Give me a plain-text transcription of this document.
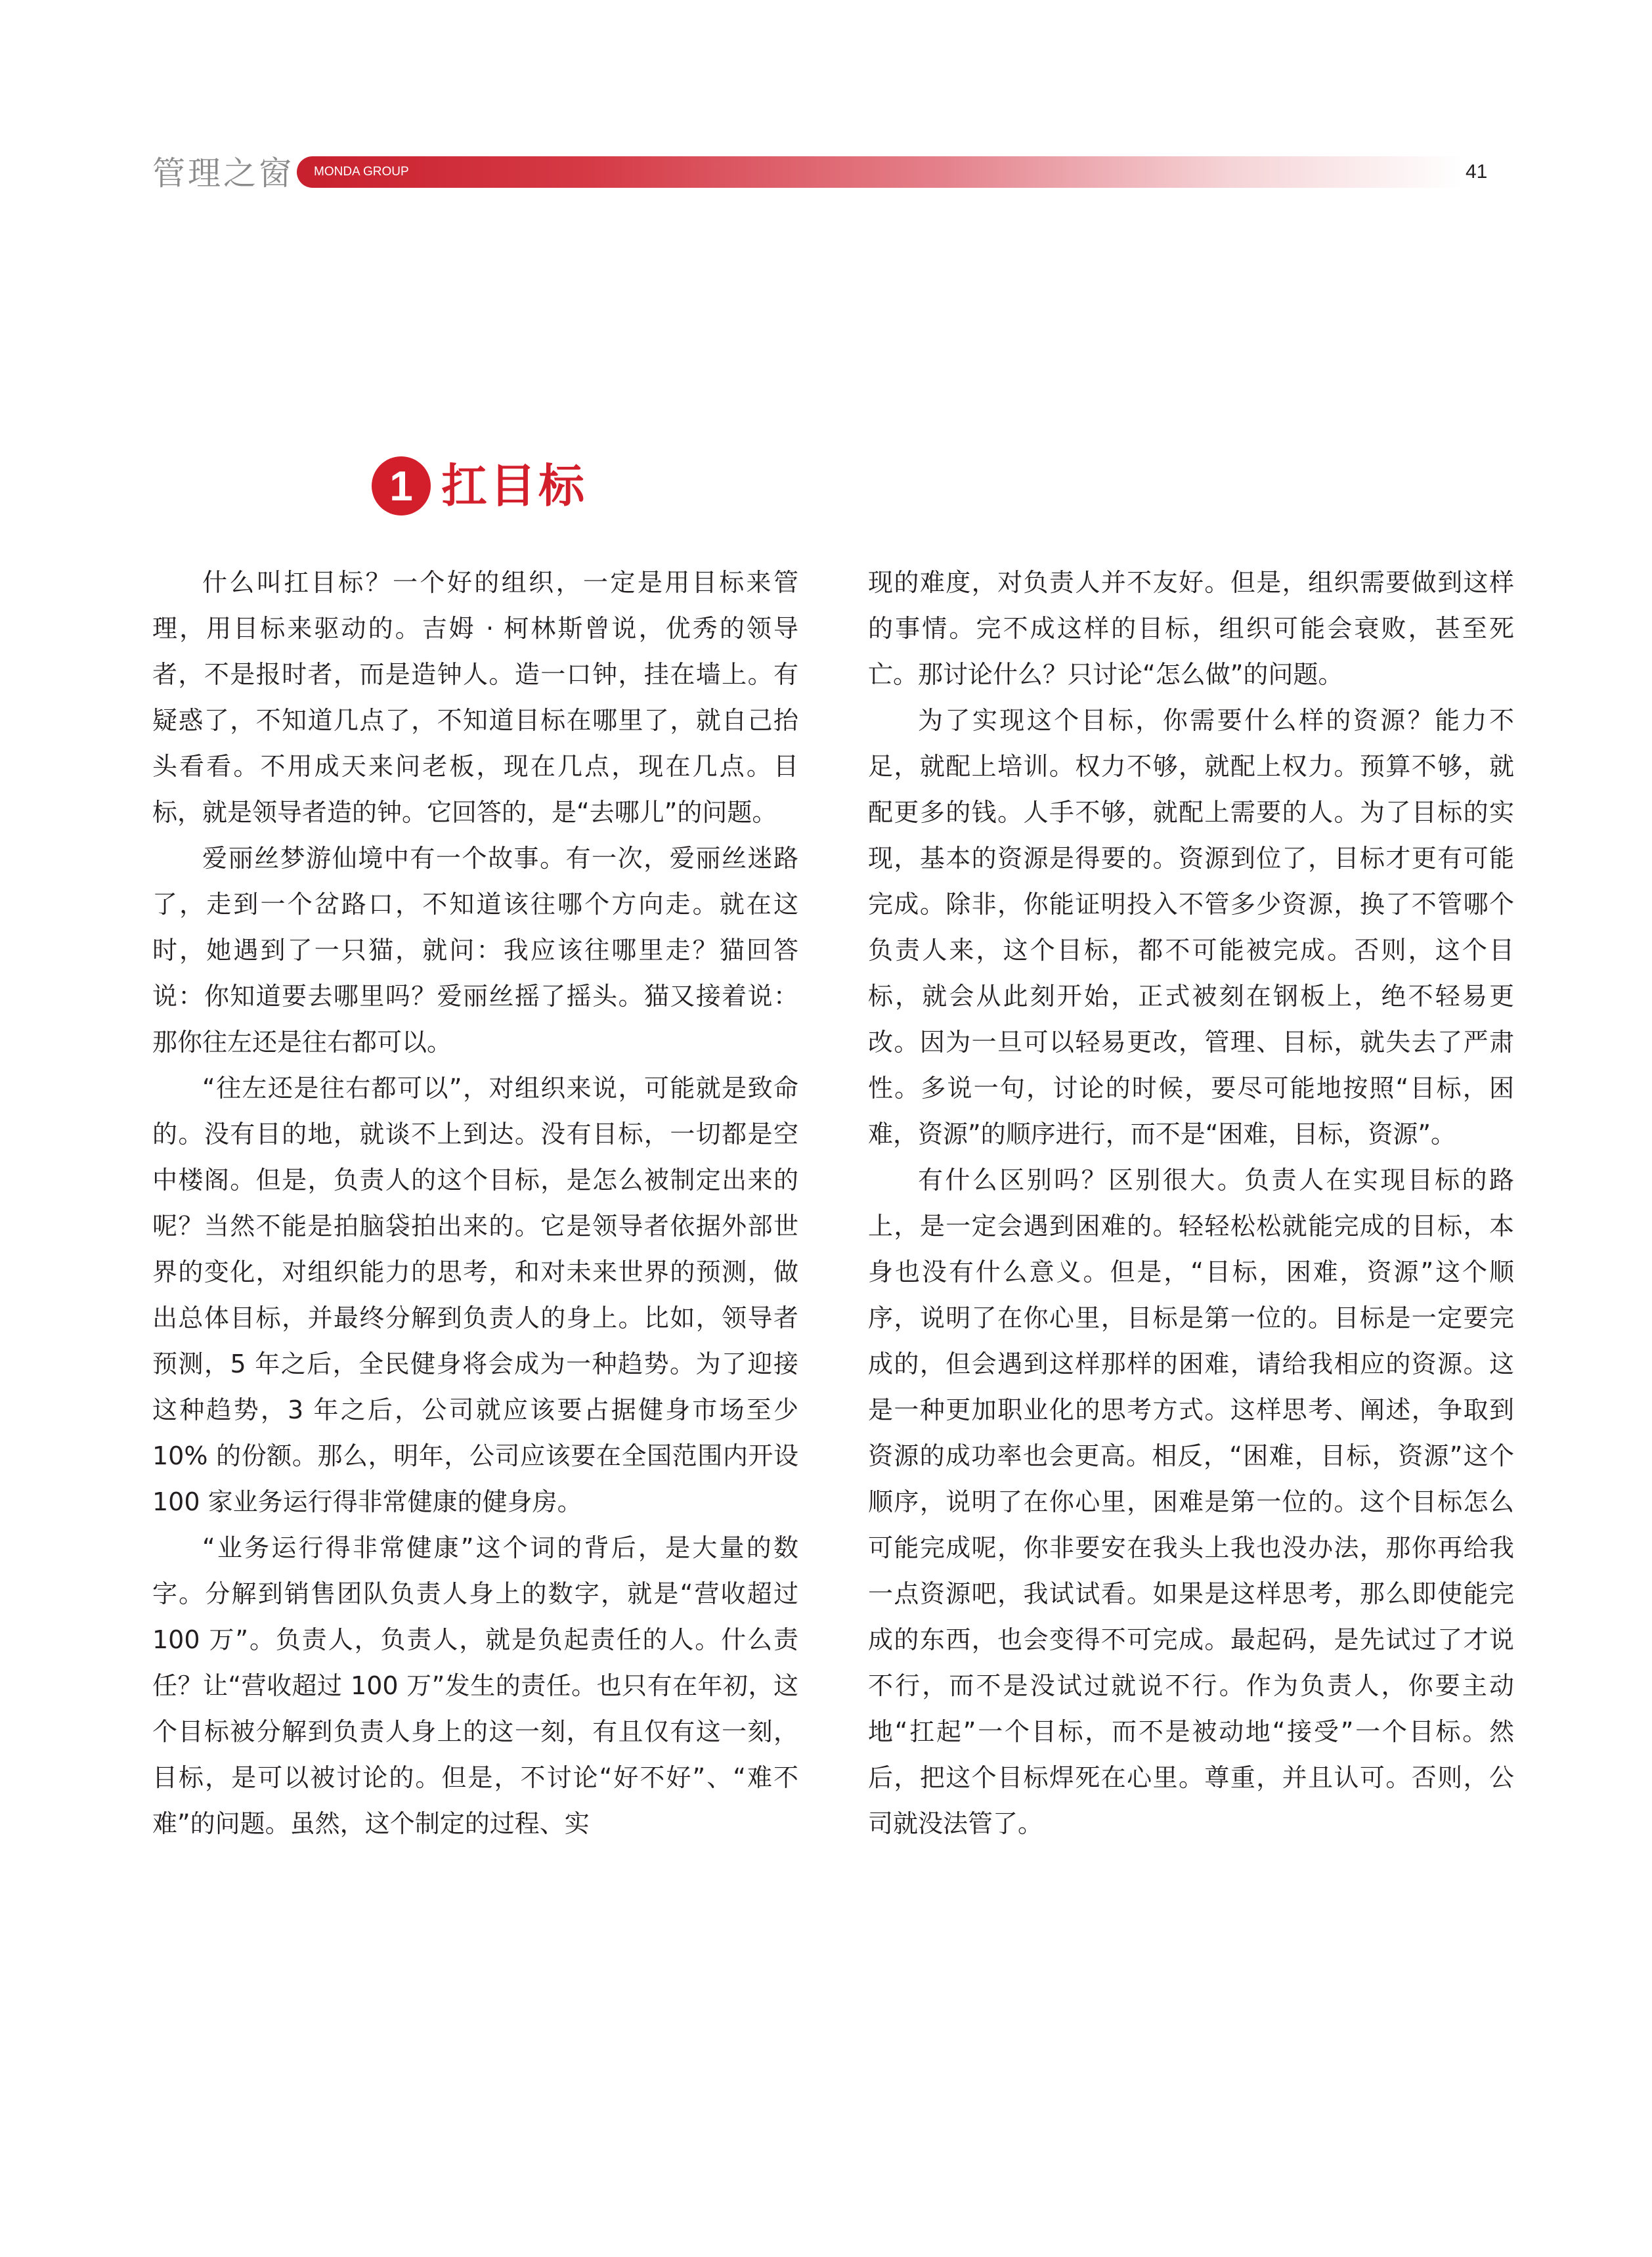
管理之窗 MONDA GROUP	41
1 扛目标

什么叫扛目标？一个好的组织，一定是用目标来管理，用目标来驱动的。吉姆 · 柯林斯曾说，优秀的领导者，不是报时者，而是造钟人。造一口钟，挂在墙上。有疑惑了，不知道几点了，不知道目标在哪里了，就自己抬头看看。不用成天来问老板，现在几点，现在几点。目标，就是领导者造的钟。它回答的，是“去哪儿”的问题。

爱丽丝梦游仙境中有一个故事。有一次，爱丽丝迷路了，走到一个岔路口，不知道该往哪个方向走。就在这时，她遇到了一只猫，就问：我应该往哪里走？猫回答说：你知道要去哪里吗？爱丽丝摇了摇头。猫又接着说：那你往左还是往右都可以。

“往左还是往右都可以”，对组织来说，可能就是致命的。没有目的地，就谈不上到达。没有目标，一切都是空中楼阁。但是，负责人的这个目标，是怎么被制定出来的呢？当然不能是拍脑袋拍出来的。它是领导者依据外部世界的变化，对组织能力的思考，和对未来世界的预测，做出总体目标，并最终分解到负责人的身上。比如，领导者预测，5 年之后，全民健身将会成为一种趋势。为了迎接这种趋势，3 年之后，公司就应该要占据健身市场至少 10% 的份额。那么，明年，公司应该要在全国范围内开设 100 家业务运行得非常健康的健身房。

“业务运行得非常健康”这个词的背后，是大量的数字。分解到销售团队负责人身上的数字，就是“营收超过 100 万”。负责人，负责人，就是负起责任的人。什么责任？让“营收超过 100 万”发生的责任。也只有在年初，这个目标被分解到负责人身上的这一刻，有且仅有这一刻，目标，是可以被讨论的。但是，不讨论“好不好”、“难不难”的问题。虽然，这个制定的过程、实

现的难度，对负责人并不友好。但是，组织需要做到这样的事情。完不成这样的目标，组织可能会衰败，甚至死亡。那讨论什么？只讨论“怎么做”的问题。

为了实现这个目标，你需要什么样的资源？能力不足，就配上培训。权力不够，就配上权力。预算不够，就配更多的钱。人手不够，就配上需要的人。为了目标的实现，基本的资源是得要的。资源到位了，目标才更有可能完成。除非，你能证明投入不管多少资源，换了不管哪个负责人来，这个目标，都不可能被完成。否则，这个目标，就会从此刻开始，正式被刻在钢板上，绝不轻易更改。因为一旦可以轻易更改，管理、目标，就失去了严肃性。多说一句，讨论的时候，要尽可能地按照“目标，困难，资源”的顺序进行，而不是“困难，目标，资源”。

有什么区别吗？区别很大。负责人在实现目标的路上，是一定会遇到困难的。轻轻松松就能完成的目标，本身也没有什么意义。但是，“目标，困难，资源”这个顺序，说明了在你心里，目标是第一位的。目标是一定要完成的，但会遇到这样那样的困难，请给我相应的资源。这是一种更加职业化的思考方式。这样思考、阐述，争取到资源的成功率也会更高。相反，“困难，目标，资源”这个顺序，说明了在你心里，困难是第一位的。这个目标怎么可能完成呢，你非要安在我头上我也没办法，那你再给我一点资源吧，我试试看。如果是这样思考，那么即使能完成的东西，也会变得不可完成。最起码，是先试过了才说不行，而不是没试过就说不行。作为负责人，你要主动地“扛起”一个目标，而不是被动地“接受”一个目标。然后，把这个目标焊死在心里。尊重，并且认可。否则，公司就没法管了。
